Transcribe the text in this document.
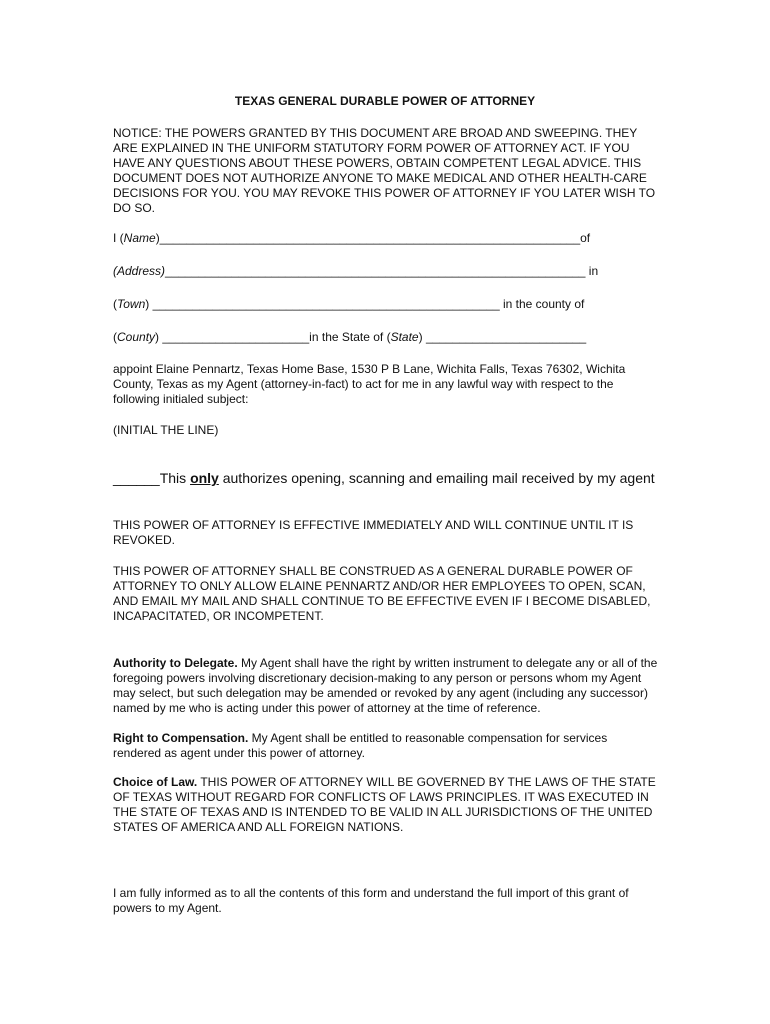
TEXAS GENERAL DURABLE POWER OF ATTORNEY

NOTICE: THE POWERS GRANTED BY THIS DOCUMENT ARE BROAD AND SWEEPING. THEY ARE EXPLAINED IN THE UNIFORM STATUTORY FORM POWER OF ATTORNEY ACT. IF YOU HAVE ANY QUESTIONS ABOUT THESE POWERS, OBTAIN COMPETENT LEGAL ADVICE. THIS DOCUMENT DOES NOT AUTHORIZE ANYONE TO MAKE MEDICAL AND OTHER HEALTH-CARE DECISIONS FOR YOU. YOU MAY REVOKE THIS POWER OF ATTORNEY IF YOU LATER WISH TO DO SO.

I (Name)_______________________________________________________________of
(Address)_______________________________________________________________ in
(Town) ____________________________________________________ in the county of
(County) ______________________in the State of (State) ________________________

appoint Elaine Pennartz, Texas Home Base, 1530 P B Lane, Wichita Falls, Texas 76302, Wichita County, Texas as my Agent (attorney-in-fact) to act for me in any lawful way with respect to the following initialed subject:

(INITIAL THE LINE)
______This only authorizes opening, scanning and emailing mail received by my agent

THIS POWER OF ATTORNEY IS EFFECTIVE IMMEDIATELY AND WILL CONTINUE UNTIL IT IS REVOKED.

THIS POWER OF ATTORNEY SHALL BE CONSTRUED AS A GENERAL DURABLE POWER OF ATTORNEY TO ONLY ALLOW ELAINE PENNARTZ AND/OR HER EMPLOYEES TO OPEN, SCAN, AND EMAIL MY MAIL AND SHALL CONTINUE TO BE EFFECTIVE EVEN IF I BECOME DISABLED, INCAPACITATED, OR INCOMPETENT.

Authority to Delegate. My Agent shall have the right by written instrument to delegate any or all of the foregoing powers involving discretionary decision-making to any person or persons whom my Agent may select, but such delegation may be amended or revoked by any agent (including any successor) named by me who is acting under this power of attorney at the time of reference.

Right to Compensation. My Agent shall be entitled to reasonable compensation for services rendered as agent under this power of attorney.

Choice of Law. THIS POWER OF ATTORNEY WILL BE GOVERNED BY THE LAWS OF THE STATE OF TEXAS WITHOUT REGARD FOR CONFLICTS OF LAWS PRINCIPLES. IT WAS EXECUTED IN THE STATE OF TEXAS AND IS INTENDED TO BE VALID IN ALL JURISDICTIONS OF THE UNITED STATES OF AMERICA AND ALL FOREIGN NATIONS.

I am fully informed as to all the contents of this form and understand the full import of this grant of powers to my Agent.
